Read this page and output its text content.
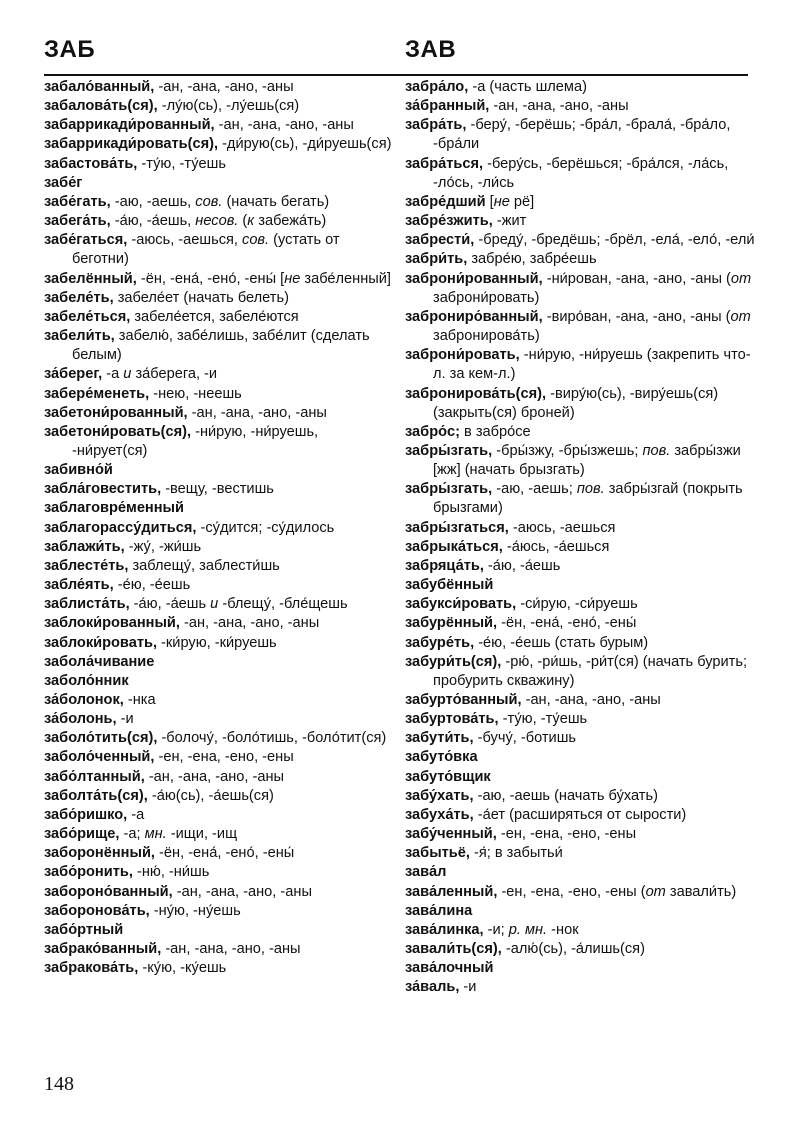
ЗАБ	ЗАВ
забало́ванный, -ан, -ана, -ано, -аны
забалова́ть(ся), -лу́ю(сь), -лу́ешь(ся)
забаррикади́рованный, -ан, -ана, -ано, -аны
забаррикади́ровать(ся), -ди́рую(сь), -ди́руешь(ся)
забастова́ть, -ту́ю, -ту́ешь
забе́г
забе́гать, -аю, -аешь, сов. (начать бегать)
забега́ть, -а́ю, -а́ешь, несов. (к забежа́ть)
забе́гаться, -аюсь, -аешься, сов. (устать от беготни)
забелённый, -ён, -ена́, -ено́, -ены́ [не забе́ленный]
забеле́ть, забеле́ет (начать белеть)
забеле́ться, забеле́ется, забеле́ются
забели́ть, забелю́, забе́лишь, забе́лит (сделать белым)
за́берег, -а и за́берега, -и
забере́менеть, -нею, -неешь
забетони́рованный, -ан, -ана, -ано, -аны
забетони́ровать(ся), -ни́рую, -ни́руешь, -ни́рует(ся)
забивно́й
забла́говестить, -вещу, -вестишь
заблаговре́менный
заблагорассу́диться, -су́дится; -су́дилось
заблажи́ть, -жу́, -жи́шь
заблесте́ть, заблещу́, заблести́шь
забле́ять, -е́ю, -е́ешь
заблиста́ть, -а́ю, -а́ешь и -блещу́, -бле́щешь
заблоки́рованный, -ан, -ана, -ано, -аны
заблоки́ровать, -ки́рую, -ки́руешь
забола́чивание
заболо́нник
за́болонок, -нка
за́болонь, -и
заболо́тить(ся), -болочу́, -боло́тишь, -боло́тит(ся)
заболо́ченный, -ен, -ена, -ено, -ены
забо́лтанный, -ан, -ана, -ано, -аны
заболта́ть(ся), -а́ю(сь), -а́ешь(ся)
забо́ришко, -а
забо́рище, -а; мн. -ищи, -ищ
заборонённый, -ён, -ена́, -ено́, -ены́
забо́ронить, -ню́, -ни́шь
забороно́ванный, -ан, -ана, -ано, -аны
заборонова́ть, -ну́ю, -ну́ешь
забо́ртный
забрако́ванный, -ан, -ана, -ано, -аны
забракова́ть, -ку́ю, -ку́ешь
забра́ло, -а (часть шлема)
за́бранный, -ан, -ана, -ано, -аны
забра́ть, -беру́, -берёшь; -бра́л, -брала́, -бра́ло, -бра́ли
забра́ться, -беру́сь, -берёшься; -бра́лся, -ла́сь, -ло́сь, -ли́сь
забре́дший [не рё]
забре́зжить, -жит
забрести́, -бреду́, -бредёшь; -брёл, -ела́, -ело́, -ели́
забри́ть, забре́ю, забре́ешь
заброни́рованный, -ни́рован, -ана, -ано, -аны (от заброни́ровать)
заброниро́ванный, -виро́ван, -ана, -ано, -аны (от забронирова́ть)
заброни́ровать, -ни́рую, -ни́руешь (закрепить что-л. за кем-л.)
забронирова́ть(ся), -виру́ю(сь), -виру́ешь(ся) (закрыть(ся) броней)
забро́с; в забро́се
забры́згать, -бры́зжу, -бры́зжешь; пов. забры́зжи [жж] (начать брызгать)
забры́згать, -аю, -аешь; пов. забры́згай (покрыть брызгами)
забры́згаться, -аюсь, -аешься
забрыка́ться, -а́юсь, -а́ешься
забряца́ть, -а́ю, -а́ешь
забубённый
забукси́ровать, -си́рую, -си́руешь
забурённый, -ён, -ена́, -ено́, -ены́
забуре́ть, -е́ю, -е́ешь (стать бурым)
забури́ть(ся), -рю́, -ри́шь, -ри́т(ся) (начать бурить; пробурить скважину)
забурто́ванный, -ан, -ана, -ано, -аны
забуртова́ть, -ту́ю, -ту́ешь
забути́ть, -бучу́, -ботишь
забуто́вка
забуто́вщик
забу́хать, -аю, -аешь (начать бу́хать)
забуха́ть, -а́ет (расширяться от сырости)
забу́ченный, -ен, -ена, -ено, -ены
забытьё, -я́; в забытьи́
зава́л
зава́ленный, -ен, -ена, -ено, -ены (от завали́ть)
зава́лина
зава́линка, -и; р. мн. -нок
завали́ть(ся), -алю́(сь), -а́лишь(ся)
зава́лочный
за́валь, -и
148
